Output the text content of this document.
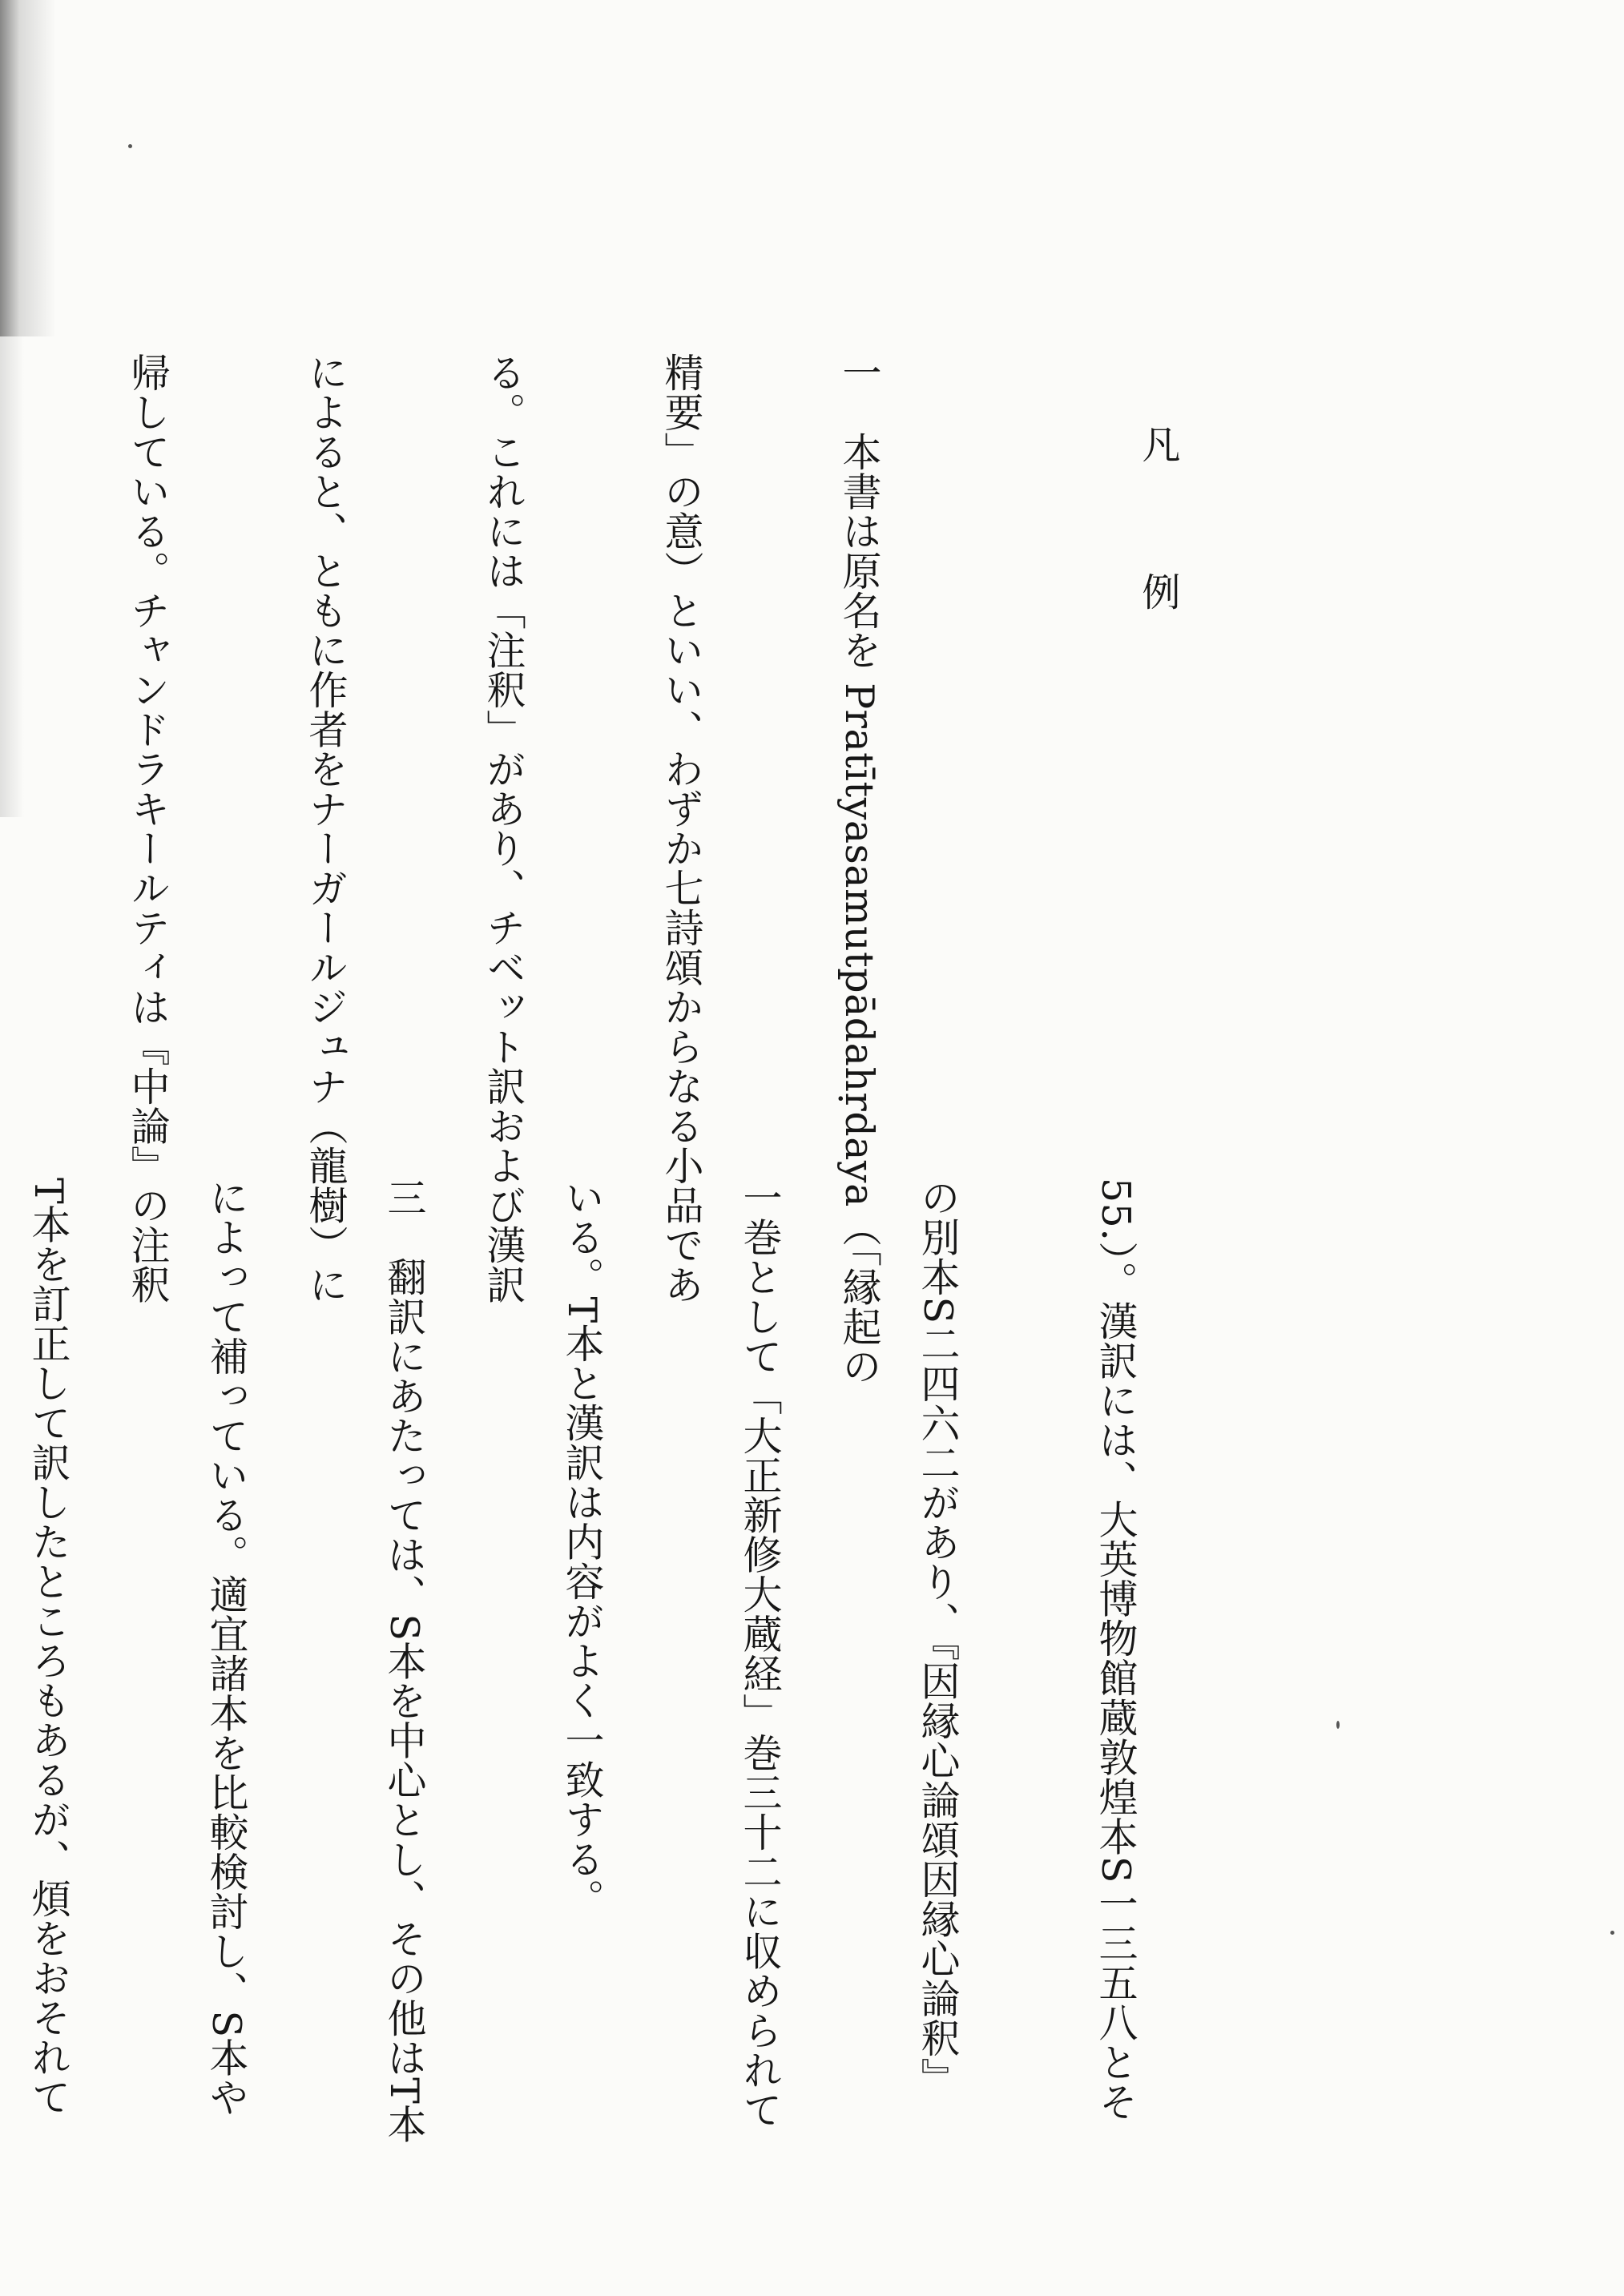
凡　例

一　本書は原名を Pratītyasamutpādahṛdaya（「縁起の

精要」の意）といい、わずか七詩頌からなる小品であ

る。これには「注釈」があり、チベット訳および漢訳

によると、ともに作者をナーガールジュナ（龍樹）に

帰している。チャンドラキールティは『中論』の注釈

55.）。漢訳には、大英博物館蔵敦煌本S一三五八とそ

の別本S二四六二があり、『因縁心論頌因縁心論釈』

一巻として「大正新修大蔵経」巻三十二に収められて

いる。T本と漢訳は内容がよく一致する。

三　翻訳にあたっては、S本を中心とし、その他はT本

によって補っている。適宜諸本を比較検討し、S本や

T本を訂正して訳したところもあるが、煩をおそれて
